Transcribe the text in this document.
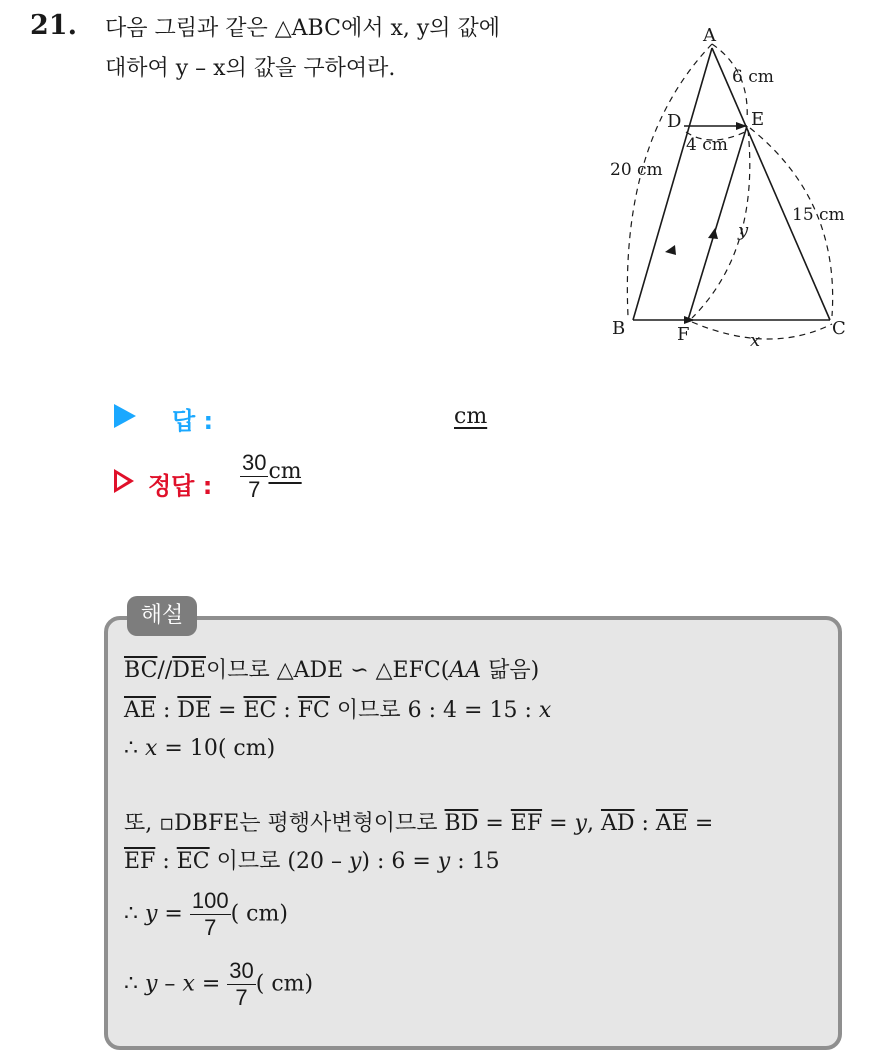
21. 다음 그림과 같은 △ABC에서 x, y의 값에
대하여 y – x의 값을 구하여라.
A
B	C
D	E
F
6 cm
4 cm
20 cm
15 cm
y
x
답 :	cm
정답 : $\frac{30}{7}$ cm
해설
$\overline{BC}//\overline{DE}$이므로 △ADE ∽ △EFC(AA 닮음)
$\overline{AE}$ : $\overline{DE} = \overline{EC}$ : $\overline{FC}$ 이므로 6 : 4 = 15 : x
∴ x = 10( cm)
또, ▫DBFE는 평행사변형이므로 $\overline{BD} = \overline{EF} = y$, $\overline{AD}$ : $\overline{AE}$ =
$\overline{EF}$ : $\overline{EC}$ 이므로 (20 – y) : 6 = y : 15
∴ $y = \frac{100}{7}$ ( cm)
∴ $y - x = \frac{30}{7}$ ( cm)
